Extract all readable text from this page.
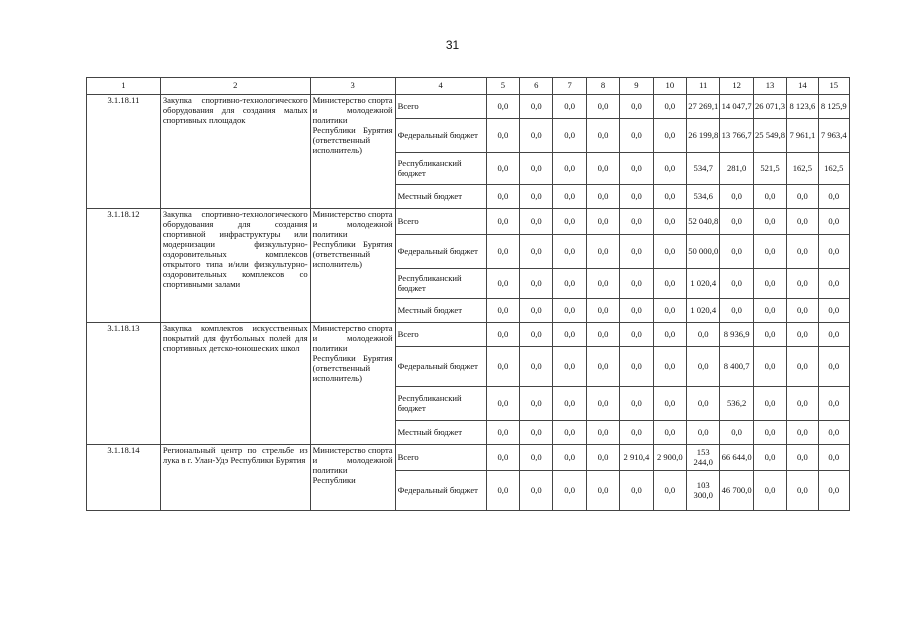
31
1	2	3	4	5	6	7	8	9	10	11	12	13	14	15
3.1.18.11	Закупка спортивно-технологического оборудования для создания малых спортивных площадок	Министерство спорта и молодежной политики Республики Бурятия (ответственный исполнитель)	Всего	0,0	0,0	0,0	0,0	0,0	0,0	27 269,1	14 047,7	26 071,3	8 123,6	8 125,9
			Федеральный бюджет	0,0	0,0	0,0	0,0	0,0	0,0	26 199,8	13 766,7	25 549,8	7 961,1	7 963,4
			Республиканский бюджет	0,0	0,0	0,0	0,0	0,0	0,0	534,7	281,0	521,5	162,5	162,5
			Местный бюджет	0,0	0,0	0,0	0,0	0,0	0,0	534,6	0,0	0,0	0,0	0,0
3.1.18.12	Закупка спортивно-технологического оборудования для создания спортивной инфраструктуры или модернизации физкультурно-оздоровительных комплексов открытого типа и/или физкультурно-оздоровительных комплексов со спортивными залами	Министерство спорта и молодежной политики Республики Бурятия (ответственный исполнитель)	Всего	0,0	0,0	0,0	0,0	0,0	0,0	52 040,8	0,0	0,0	0,0	0,0
			Федеральный бюджет	0,0	0,0	0,0	0,0	0,0	0,0	50 000,0	0,0	0,0	0,0	0,0
			Республиканский бюджет	0,0	0,0	0,0	0,0	0,0	0,0	1 020,4	0,0	0,0	0,0	0,0
			Местный бюджет	0,0	0,0	0,0	0,0	0,0	0,0	1 020,4	0,0	0,0	0,0	0,0
3.1.18.13	Закупка комплектов искусственных покрытий для футбольных полей для спортивных детско-юношеских школ	Министерство спорта и молодежной политики Республики Бурятия (ответственный исполнитель)	Всего	0,0	0,0	0,0	0,0	0,0	0,0	0,0	8 936,9	0,0	0,0	0,0
			Федеральный бюджет	0,0	0,0	0,0	0,0	0,0	0,0	0,0	8 400,7	0,0	0,0	0,0
			Республиканский бюджет	0,0	0,0	0,0	0,0	0,0	0,0	0,0	536,2	0,0	0,0	0,0
			Местный бюджет	0,0	0,0	0,0	0,0	0,0	0,0	0,0	0,0	0,0	0,0	0,0
3.1.18.14	Региональный центр по стрельбе из лука в г. Улан-Удэ Республики Бурятия	Министерство спорта и молодежной политики Республики	Всего	0,0	0,0	0,0	0,0	2 910,4	2 900,0	153 244,0	66 644,0	0,0	0,0	0,0
			Федеральный бюджет	0,0	0,0	0,0	0,0	0,0	0,0	103 300,0	46 700,0	0,0	0,0	0,0
